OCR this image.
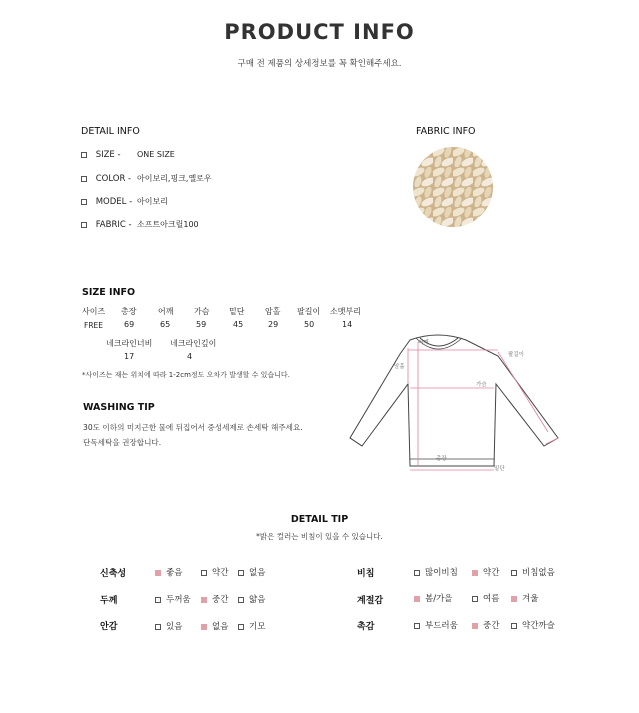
PRODUCT INFO
구매 전 제품의 상세정보를 꼭 확인해주세요.
DETAIL INFO
SIZE - ONE SIZE
COLOR - 아이보리,핑크,옐로우
MODEL - 아이보리
FABRIC - 소프트아크릴100
FABRIC INFO
SIZE INFO
사이즈 총장	어깨	가슴 밑단	암홀 팔길이 소맷부리
FREE	69	65	59	45	29	50	14
네크라인너비 네크라인깊이
17	4
*사이즈는 재는 위치에 따라 1-2cm정도 오차가 발생할 수 있습니다.
WASHING TIP
30도 이하의 미지근한 물에 뒤집어서 중성세제로 손세탁 해주세요.
단독세탁을 권장합니다.
어깨
팔길이
암홀
가슴
총장
밑단
DETAIL TIP
*밝은 컬러는 비침이 있을 수 있습니다.
신축성	좋음	약간	없음
두께	두꺼움	중간	얇음
안감	있음	없음	기모
비침	많이비침	약간	비침없음
계절감	봄/가을	여름	겨울
촉감	부드러움	중간	약간까슬
